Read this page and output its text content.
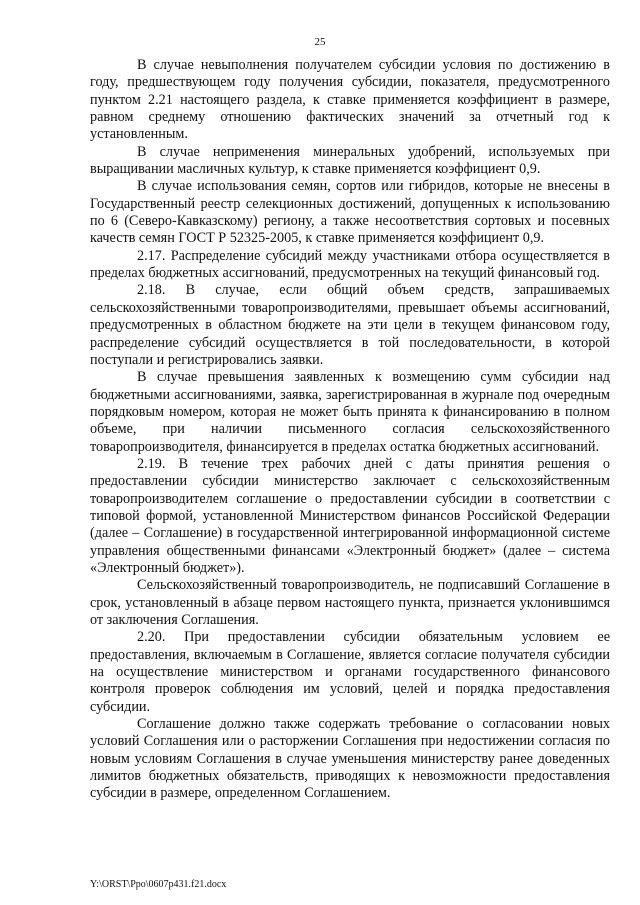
25

В случае невыполнения получателем субсидии условия по достижению в году, предшествующем году получения субсидии, показателя, предусмотренного пунктом 2.21 настоящего раздела, к ставке применяется коэффициент в размере, равном среднему отношению фактических значений за отчетный год к установленным.

В случае неприменения минеральных удобрений, используемых при выращивании масличных культур, к ставке применяется коэффициент 0,9.

В случае использования семян, сортов или гибридов, которые не внесены в Государственный реестр селекционных достижений, допущенных к использованию по 6 (Северо-Кавказскому) региону, а также несоответствия сортовых и посевных качеств семян ГОСТ Р 52325-2005, к ставке применяется коэффициент 0,9.

2.17. Распределение субсидий между участниками отбора осуществляется в пределах бюджетных ассигнований, предусмотренных на текущий финансовый год.

2.18. В случае, если общий объем средств, запрашиваемых сельскохозяйственными товаропроизводителями, превышает объемы ассигнований, предусмотренных в областном бюджете на эти цели в текущем финансовом году, распределение субсидий осуществляется в той последовательности, в которой поступали и регистрировались заявки.

В случае превышения заявленных к возмещению сумм субсидии над бюджетными ассигнованиями, заявка, зарегистрированная в журнале под очередным порядковым номером, которая не может быть принята к финансированию в полном объеме, при наличии письменного согласия сельскохозяйственного товаропроизводителя, финансируется в пределах остатка бюджетных ассигнований.

2.19. В течение трех рабочих дней с даты принятия решения о предоставлении субсидии министерство заключает с сельскохозяйственным товаропроизводителем соглашение о предоставлении субсидии в соответствии с типовой формой, установленной Министерством финансов Российской Федерации (далее – Соглашение) в государственной интегрированной информационной системе управления общественными финансами «Электронный бюджет» (далее – система «Электронный бюджет»).

Сельскохозяйственный товаропроизводитель, не подписавший Соглашение в срок, установленный в абзаце первом настоящего пункта, признается уклонившимся от заключения Соглашения.

2.20. При предоставлении субсидии обязательным условием ее предоставления, включаемым в Соглашение, является согласие получателя субсидии на осуществление министерством и органами государственного финансового контроля проверок соблюдения им условий, целей и порядка предоставления субсидии.

Соглашение должно также содержать требование о согласовании новых условий Соглашения или о расторжении Соглашения при недостижении согласия по новым условиям Соглашения в случае уменьшения министерству ранее доведенных лимитов бюджетных обязательств, приводящих к невозможности предоставления субсидии в размере, определенном Соглашением.

Y:\ORST\Ppo\0607p431.f21.docx
